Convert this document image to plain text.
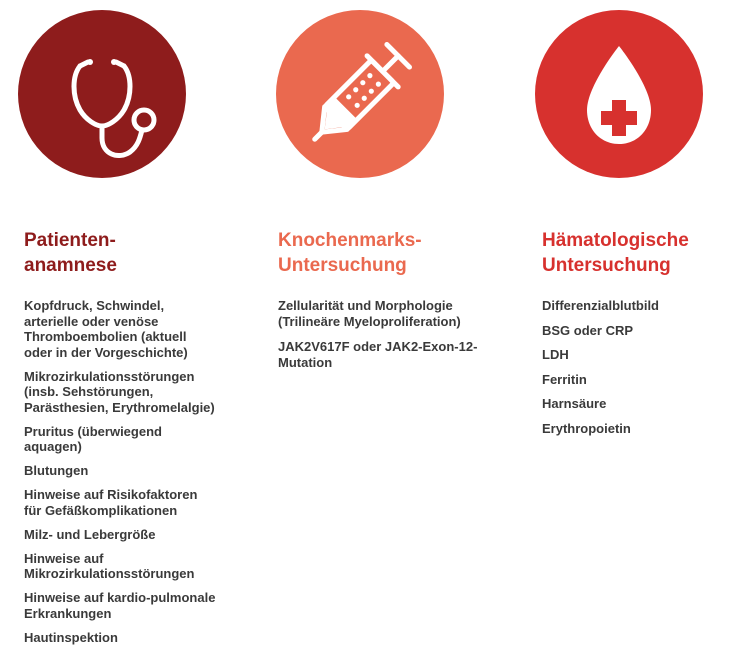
Patienten-
anamnese
Kopfdruck, Schwindel,
arterielle oder venöse
Thromboembolien (aktuell
oder in der Vorgeschichte)
Mikrozirkulationsstörungen
(insb. Sehstörungen,
Parästhesien, Erythromelalgie)
Pruritus (überwiegend
aquagen)
Blutungen
Hinweise auf Risikofaktoren
für Gefäßkomplikationen
Milz- und Lebergröße
Hinweise auf
Mikrozirkulationsstörungen
Hinweise auf kardio-pulmonale
Erkrankungen
Hautinspektion
Knochenmarks-
Untersuchung
Zellularität und Morphologie
(Trilineäre Myeloproliferation)
JAK2V617F oder JAK2-Exon-12-
Mutation
Hämatologische
Untersuchung
Differenzialblutbild
BSG oder CRP
LDH
Ferritin
Harnsäure
Erythropoietin
